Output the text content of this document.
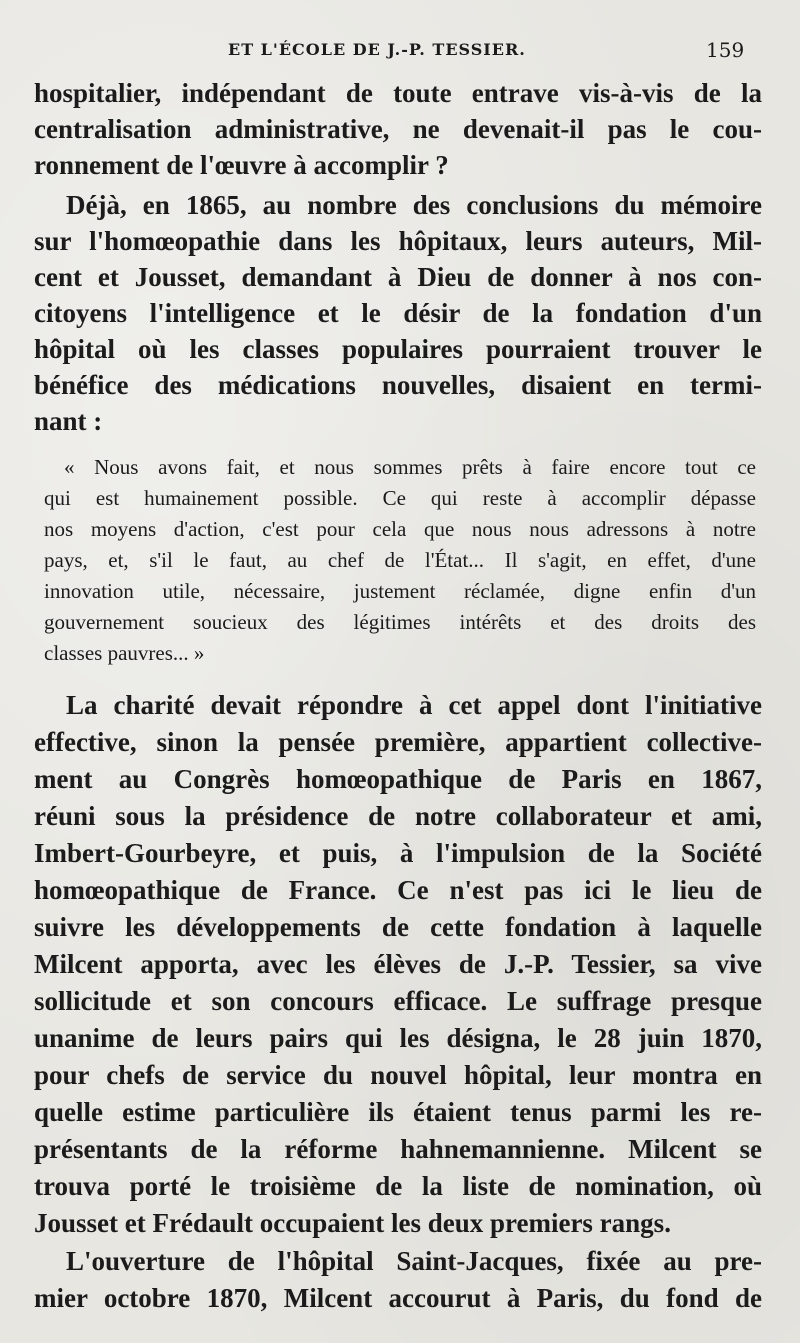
ET L'ÉCOLE DE J.-P. TESSIER.	159
hospitalier, indépendant de toute entrave vis-à-vis de la
centralisation administrative, ne devenait-il pas le cou-
ronnement de l'œuvre à accomplir ?
Déjà, en 1865, au nombre des conclusions du mémoire
sur l'homœopathie dans les hôpitaux, leurs auteurs, Mil-
cent et Jousset, demandant à Dieu de donner à nos con-
citoyens l'intelligence et le désir de la fondation d'un
hôpital où les classes populaires pourraient trouver le
bénéfice des médications nouvelles, disaient en termi-
nant :
« Nous avons fait, et nous sommes prêts à faire encore tout ce
qui est humainement possible. Ce qui reste à accomplir dépasse
nos moyens d'action, c'est pour cela que nous nous adressons à notre
pays, et, s'il le faut, au chef de l'État... Il s'agit, en effet, d'une
innovation utile, nécessaire, justement réclamée, digne enfin d'un
gouvernement soucieux des légitimes intérêts et des droits des
classes pauvres... »
La charité devait répondre à cet appel dont l'initiative
effective, sinon la pensée première, appartient collective-
ment au Congrès homœopathique de Paris en 1867,
réuni sous la présidence de notre collaborateur et ami,
Imbert-Gourbeyre, et puis, à l'impulsion de la Société
homœopathique de France. Ce n'est pas ici le lieu de
suivre les développements de cette fondation à laquelle
Milcent apporta, avec les élèves de J.-P. Tessier, sa vive
sollicitude et son concours efficace. Le suffrage presque
unanime de leurs pairs qui les désigna, le 28 juin 1870,
pour chefs de service du nouvel hôpital, leur montra en
quelle estime particulière ils étaient tenus parmi les re-
présentants de la réforme hahnemannienne. Milcent se
trouva porté le troisième de la liste de nomination, où
Jousset et Frédault occupaient les deux premiers rangs.
L'ouverture de l'hôpital Saint-Jacques, fixée au pre-
mier octobre 1870, Milcent accourut à Paris, du fond de
